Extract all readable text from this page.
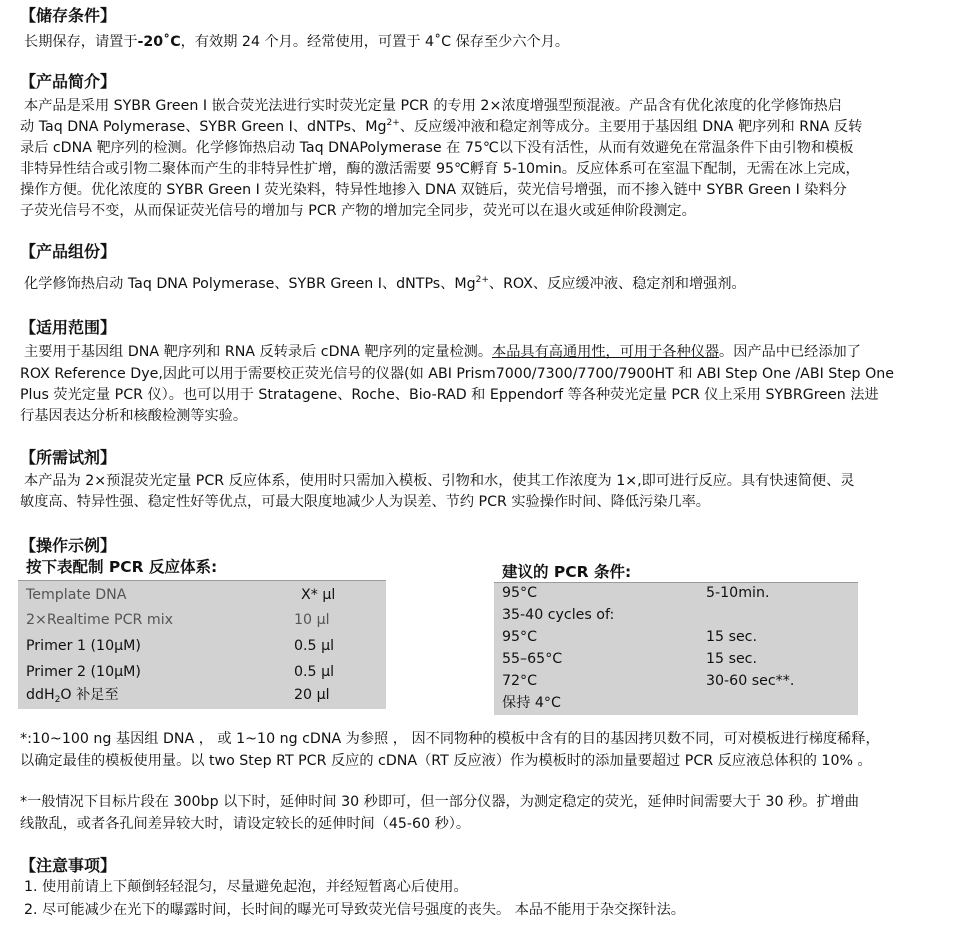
【储存条件】
长期保存，请置于-20˚C，有效期 24 个月。经常使用，可置于 4˚C 保存至少六个月。
【产品简介】
本产品是采用 SYBR Green I 嵌合荧光法进行实时荧光定量 PCR 的专用 2×浓度增强型预混液。产品含有优化浓度的化学修饰热启
动 Taq DNA Polymerase、SYBR Green I、dNTPs、$Mg^{2+}$、反应缓冲液和稳定剂等成分。主要用于基因组 DNA 靶序列和 RNA 反转
录后 cDNA 靶序列的检测。化学修饰热启动 Taq DNAPolymerase 在 75℃以下没有活性，从而有效避免在常温条件下由引物和模板
非特异性结合或引物二聚体而产生的非特异性扩增，酶的激活需要 95℃孵育 5-10min。反应体系可在室温下配制，无需在冰上完成，
操作方便。优化浓度的 SYBR Green I 荧光染料，特异性地掺入 DNA 双链后，荧光信号增强，而不掺入链中 SYBR Green I 染料分
子荧光信号不变，从而保证荧光信号的增加与 PCR 产物的增加完全同步，荧光可以在退火或延伸阶段测定。
【产品组份】
化学修饰热启动 Taq DNA Polymerase、SYBR Green I、dNTPs、$Mg^{2+}$、ROX、反应缓冲液、稳定剂和增强剂。
【适用范围】
主要用于基因组 DNA 靶序列和 RNA 反转录后 cDNA 靶序列的定量检测。本品具有高通用性，可用于各种仪器。因产品中已经添加了
ROX Reference Dye,因此可以用于需要校正荧光信号的仪器(如 ABI Prism7000/7300/7700/7900HT 和 ABI Step One /ABI Step One
Plus 荧光定量 PCR 仪）。也可以用于 Stratagene、Roche、Bio-RAD 和 Eppendorf 等各种荧光定量 PCR 仪上采用 SYBRGreen 法进
行基因表达分析和核酸检测等实验。
【所需试剂】
本产品为 2×预混荧光定量 PCR 反应体系，使用时只需加入模板、引物和水，使其工作浓度为 1×,即可进行反应。具有快速简便、灵
敏度高、特异性强、稳定性好等优点，可最大限度地减少人为误差、节约 PCR 实验操作时间、降低污染几率。
【操作示例】
按下表配制 PCR 反应体系:	建议的 PCR 条件:
Template DNA	X* μl
2×Realtime PCR mix	10 μl
Primer 1 (10μM)	0.5 μl
Primer 2 (10μM)	0.5 μl
ddH$_2$O 补足至	20 μl
95°C	5-10min.
35-40 cycles of:
95°C	15 sec.
55–65°C	15 sec.
72°C	30-60 sec**.
保持 4°C
*:10~100 ng 基因组 DNA ， 或 1~10 ng cDNA 为参照 ， 因不同物种的模板中含有的目的基因拷贝数不同，可对模板进行梯度稀释，
以确定最佳的模板使用量。以 two Step RT PCR 反应的 cDNA（RT 反应液）作为模板时的添加量要超过 PCR 反应液总体积的 10% 。
*一般情况下目标片段在 300bp 以下时，延伸时间 30 秒即可，但一部分仪器，为测定稳定的荧光，延伸时间需要大于 30 秒。扩增曲
线散乱，或者各孔间差异较大时，请设定较长的延伸时间（45-60 秒）。
【注意事项】
1. 使用前请上下颠倒轻轻混匀，尽量避免起泡，并经短暂离心后使用。
2. 尽可能减少在光下的曝露时间，长时间的曝光可导致荧光信号强度的丧失。 本品不能用于杂交探针法。
